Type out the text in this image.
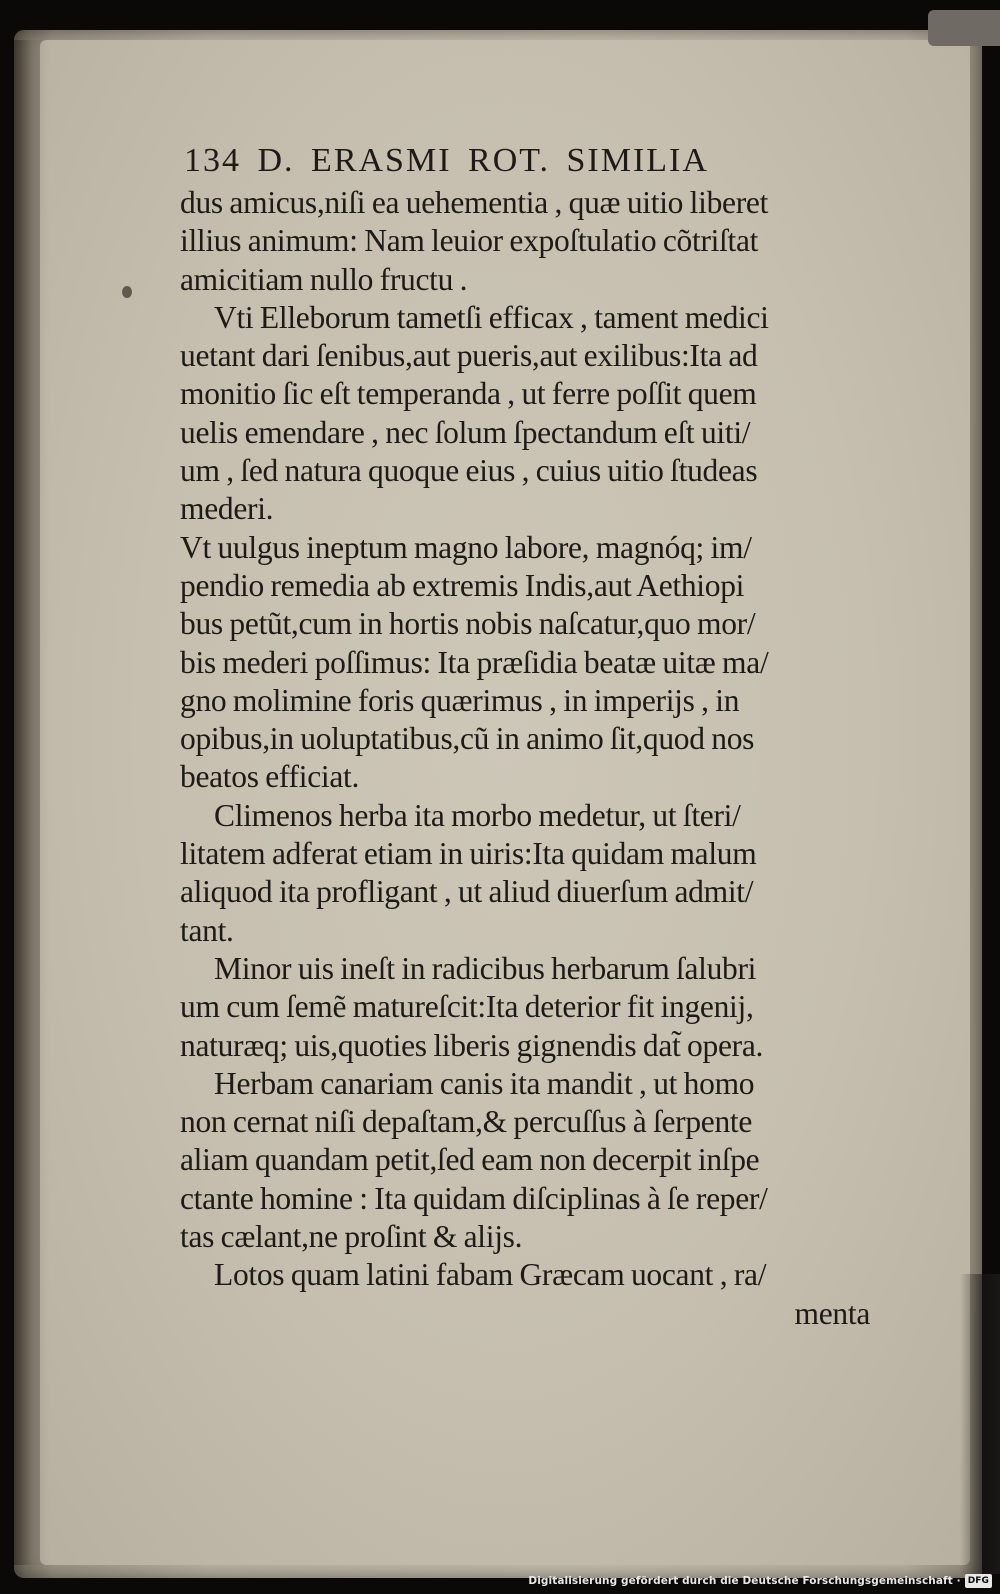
134 D. ERASMI ROT. SIMILIA
dus amicus,niſi ea uehementia , quæ uitio liberet
illius animum: Nam leuior expoſtulatio cõtriſtat
amicitiam nullo fructu .
Vti Elleborum tametſi efficax , tament medici
uetant dari ſenibus,aut pueris,aut exilibus:Ita ad
monitio ſic eſt temperanda , ut ferre poſſit quem
uelis emendare , nec ſolum ſpectandum eſt uiti/
um , ſed natura quoque eius , cuius uitio ſtudeas
mederi.
Vt uulgus ineptum magno labore, magnóq; im/
pendio remedia ab extremis Indis,aut Aethiopi
bus petũt,cum in hortis nobis naſcatur,quo mor/
bis mederi poſſimus: Ita præſidia beatæ uitæ ma/
gno molimine foris quærimus , in imperijs , in
opibus,in uoluptatibus,cũ in animo ſit,quod nos
beatos efficiat.
Climenos herba ita morbo medetur, ut ſteri/
litatem adferat etiam in uiris:Ita quidam malum
aliquod ita profligant , ut aliud diuerſum admit/
tant.
Minor uis ineſt in radicibus herbarum ſalubri
um cum ſemẽ matureſcit:Ita deterior fit ingenij,
naturæq; uis,quoties liberis gignendis dat̃ opera.
Herbam canariam canis ita mandit , ut homo
non cernat niſi depaſtam,& percuſſus à ſerpente
aliam quandam petit,ſed eam non decerpit inſpe
ctante homine : Ita quidam diſciplinas à ſe reper/
tas cælant,ne proſint & alijs.
Lotos quam latini fabam Græcam uocant , ra/
menta
Digitalisierung gefördert durch die Deutsche Forschungsgemeinschaft · DFG
